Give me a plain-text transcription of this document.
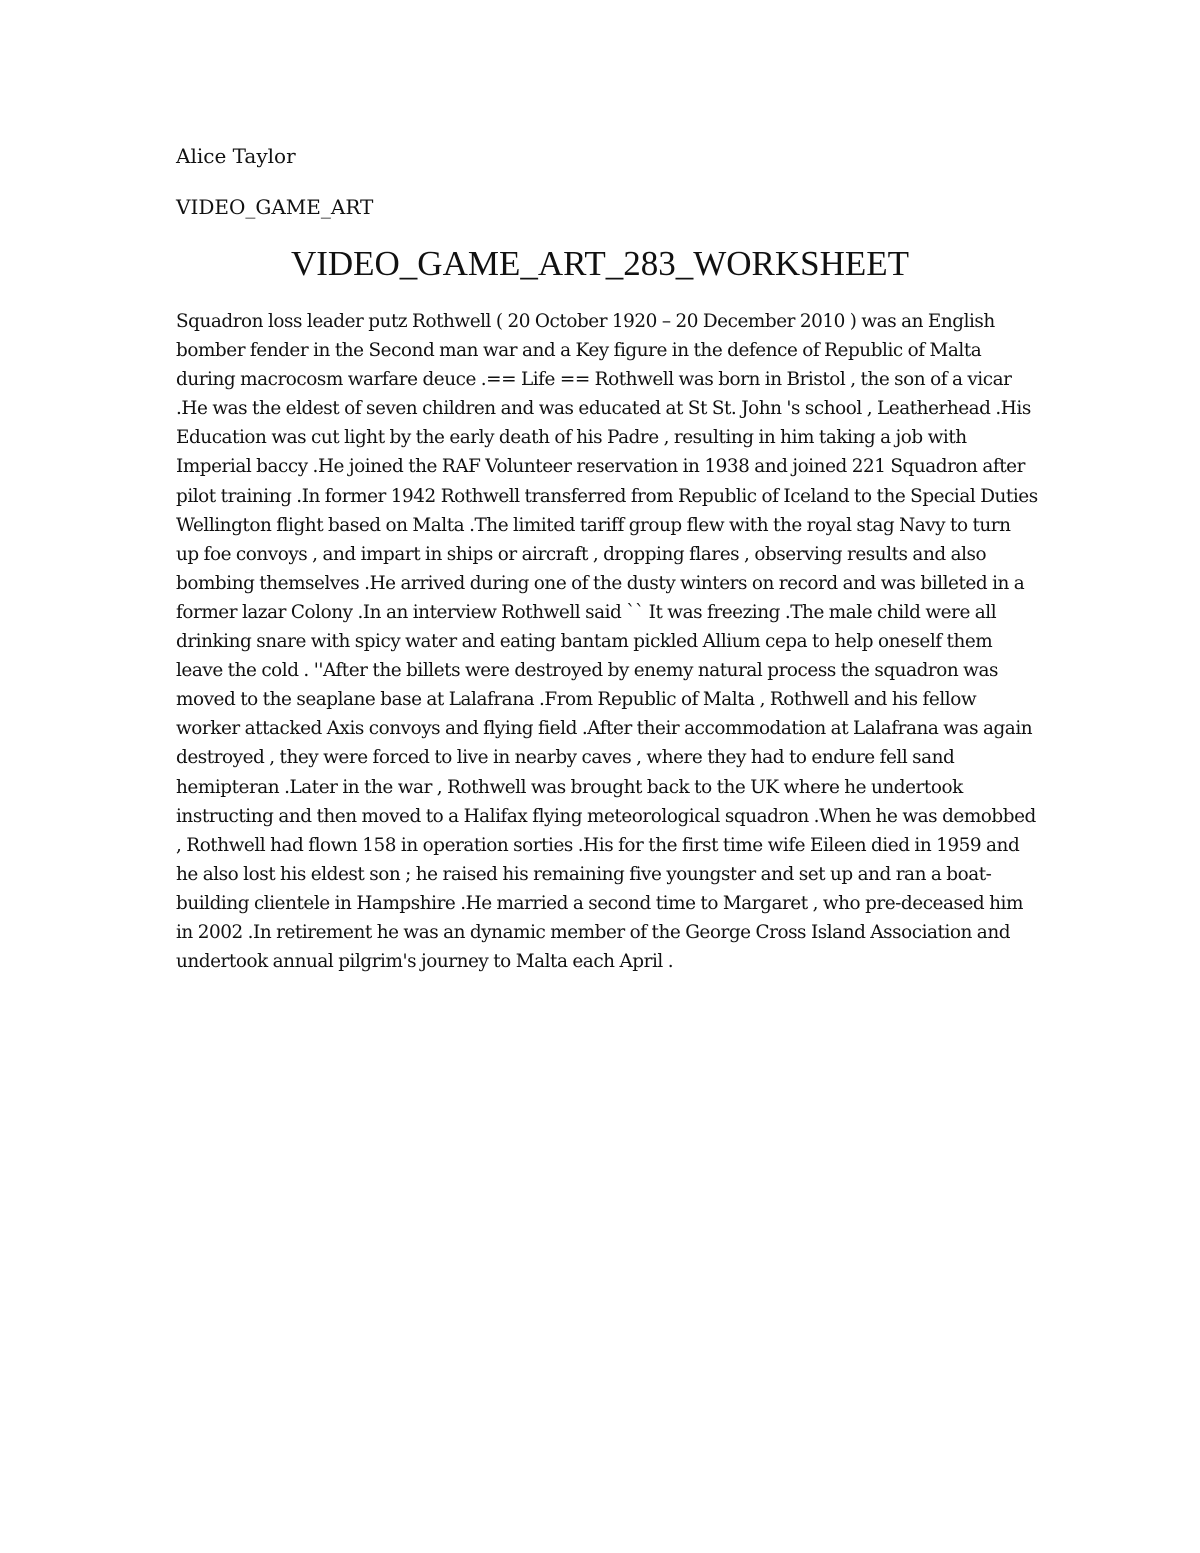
Alice Taylor
VIDEO_GAME_ART
VIDEO_GAME_ART_283_WORKSHEET

Squadron loss leader putz Rothwell ( 20 October 1920 – 20 December 2010 ) was an English bomber fender in the Second man war and a Key figure in the defence of Republic of Malta during macrocosm warfare deuce .== Life == Rothwell was born in Bristol , the son of a vicar .He was the eldest of seven children and was educated at St St. John 's school , Leatherhead .His Education was cut light by the early death of his Padre , resulting in him taking a job with Imperial baccy .He joined the RAF Volunteer reservation in 1938 and joined 221 Squadron after pilot training .In former 1942 Rothwell transferred from Republic of Iceland to the Special Duties Wellington flight based on Malta .The limited tariff group flew with the royal stag Navy to turn up foe convoys , and impart in ships or aircraft , dropping flares , observing results and also bombing themselves .He arrived during one of the dusty winters on record and was billeted in a former lazar Colony .In an interview Rothwell said `` It was freezing .The male child were all drinking snare with spicy water and eating bantam pickled Allium cepa to help oneself them leave the cold . ''After the billets were destroyed by enemy natural process the squadron was moved to the seaplane base at Lalafrana .From Republic of Malta , Rothwell and his fellow worker attacked Axis convoys and flying field .After their accommodation at Lalafrana was again destroyed , they were forced to live in nearby caves , where they had to endure fell sand hemipteran .Later in the war , Rothwell was brought back to the UK where he undertook instructing and then moved to a Halifax flying meteorological squadron .When he was demobbed , Rothwell had flown 158 in operation sorties .His for the first time wife Eileen died in 1959 and he also lost his eldest son ; he raised his remaining five youngster and set up and ran a boat-building clientele in Hampshire .He married a second time to Margaret , who pre-deceased him in 2002 .In retirement he was an dynamic member of the George Cross Island Association and undertook annual pilgrim's journey to Malta each April .
